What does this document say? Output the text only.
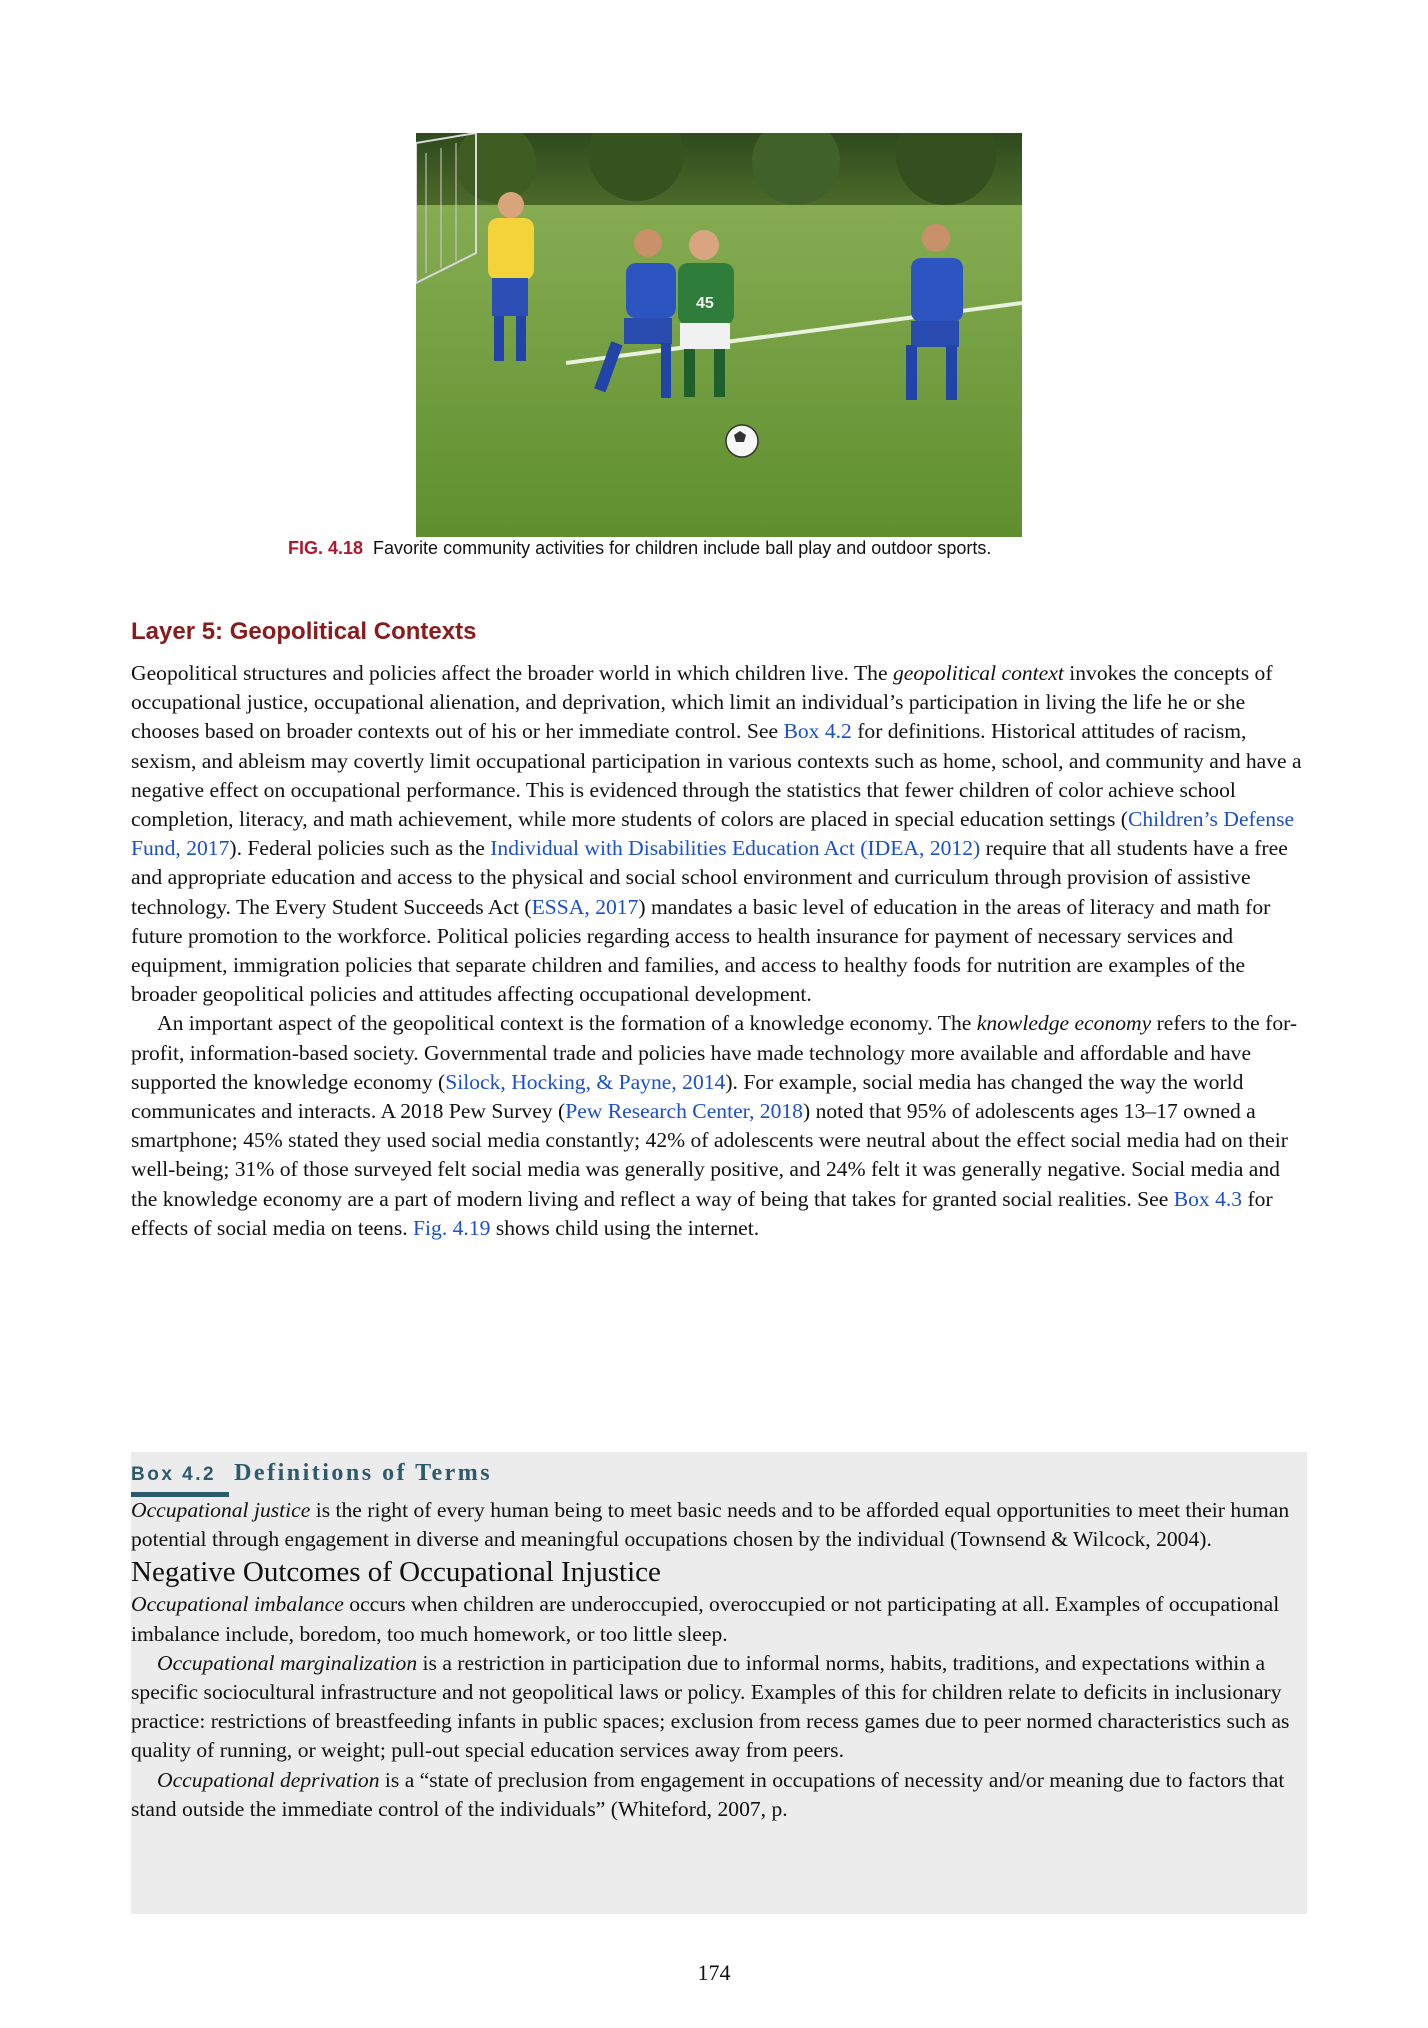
45
FIG. 4.18 Favorite community activities for children include ball play and outdoor sports.
Layer 5: Geopolitical Contexts

Geopolitical structures and policies affect the broader world in which children live. The geopolitical context invokes the concepts of occupational justice, occupational alienation, and deprivation, which limit an individual’s participation in living the life he or she chooses based on broader contexts out of his or her immediate control. See Box 4.2 for definitions. Historical attitudes of racism, sexism, and ableism may covertly limit occupational participation in various contexts such as home, school, and community and have a negative effect on occupational performance. This is evidenced through the statistics that fewer children of color achieve school completion, literacy, and math achievement, while more students of colors are placed in special education settings (Children’s Defense Fund, 2017). Federal policies such as the Individual with Disabilities Education Act (IDEA, 2012) require that all students have a free and appropriate education and access to the physical and social school environment and curriculum through provision of assistive technology. The Every Student Succeeds Act (ESSA, 2017) mandates a basic level of education in the areas of literacy and math for future promotion to the workforce. Political policies regarding access to health insurance for payment of necessary services and equipment, immigration policies that separate children and families, and access to healthy foods for nutrition are examples of the broader geopolitical policies and attitudes affecting occupational development.

An important aspect of the geopolitical context is the formation of a knowledge economy. The knowledge economy refers to the for-profit, information-based society. Governmental trade and policies have made technology more available and affordable and have supported the knowledge economy (Silock, Hocking, & Payne, 2014). For example, social media has changed the way the world communicates and interacts. A 2018 Pew Survey (Pew Research Center, 2018) noted that 95% of adolescents ages 13–17 owned a smartphone; 45% stated they used social media constantly; 42% of adolescents were neutral about the effect social media had on their well-being; 31% of those surveyed felt social media was generally positive, and 24% felt it was generally negative. Social media and the knowledge economy are a part of modern living and reflect a way of being that takes for granted social realities. See Box 4.3 for effects of social media on teens. Fig. 4.19 shows child using the internet.

Box 4.2 Definitions of Terms

Occupational justice is the right of every human being to meet basic needs and to be afforded equal opportunities to meet their human potential through engagement in diverse and meaningful occupations chosen by the individual (Townsend & Wilcock, 2004).

Negative Outcomes of Occupational Injustice

Occupational imbalance occurs when children are underoccupied, overoccupied or not participating at all. Examples of occupational imbalance include, boredom, too much homework, or too little sleep.

Occupational marginalization is a restriction in participation due to informal norms, habits, traditions, and expectations within a specific sociocultural infrastructure and not geopolitical laws or policy. Examples of this for children relate to deficits in inclusionary practice: restrictions of breastfeeding infants in public spaces; exclusion from recess games due to peer normed characteristics such as quality of running, or weight; pull-out special education services away from peers.

Occupational deprivation is a “state of preclusion from engagement in occupations of necessity and/or meaning due to factors that stand outside the immediate control of the individuals” (Whiteford, 2007, p.

174
